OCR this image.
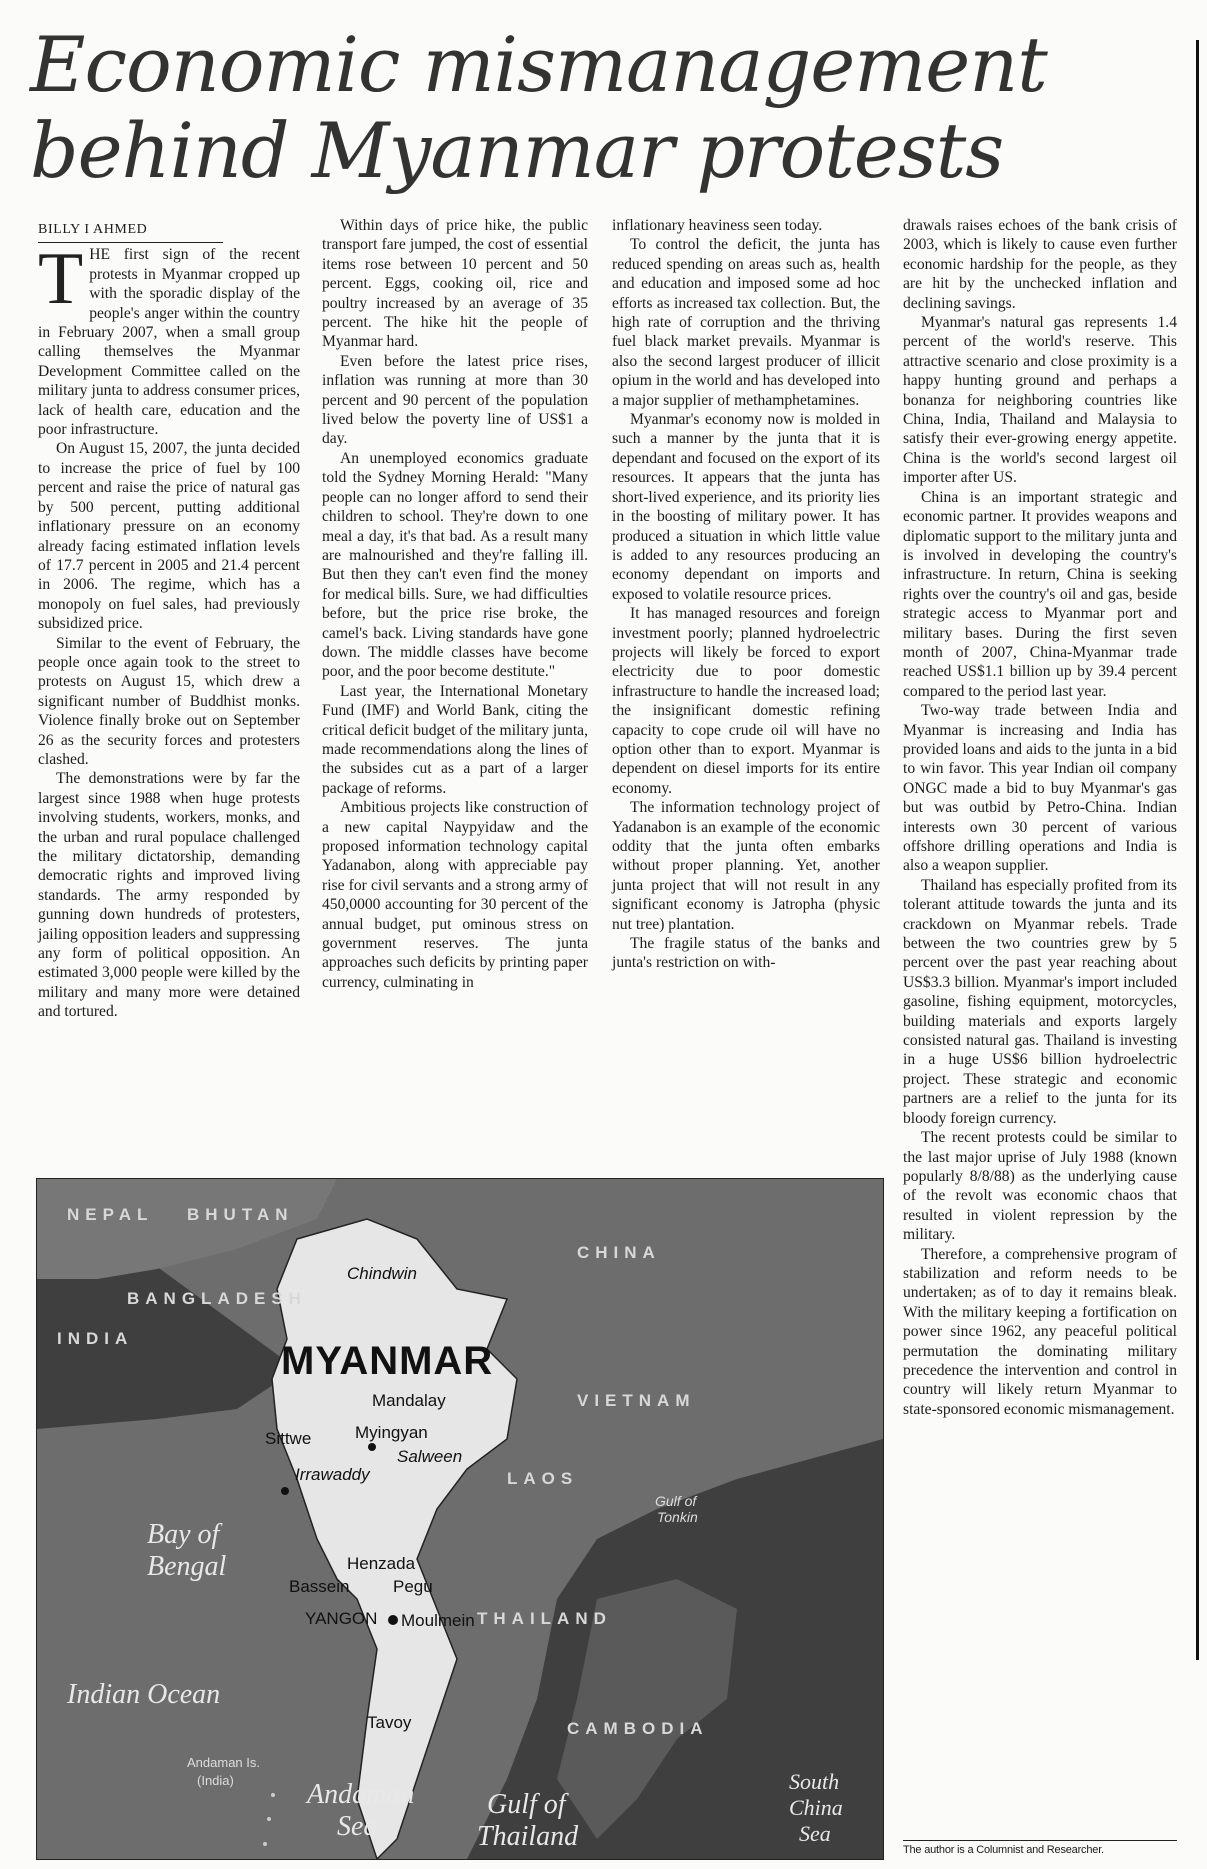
Economic mismanagement behind Myanmar protests
BILLY I AHMED

THE first sign of the recent protests in Myanmar cropped up with the sporadic display of the people's anger within the country in February 2007, when a small group calling themselves the Myanmar Development Committee called on the military junta to address consumer prices, lack of health care, education and the poor infrastructure.

On August 15, 2007, the junta decided to increase the price of fuel by 100 percent and raise the price of natural gas by 500 percent, putting additional inflationary pressure on an economy already facing estimated inflation levels of 17.7 percent in 2005 and 21.4 percent in 2006. The regime, which has a monopoly on fuel sales, had previously subsidized price.

Similar to the event of February, the people once again took to the street to protests on August 15, which drew a significant number of Buddhist monks. Violence finally broke out on September 26 as the security forces and protesters clashed.

The demonstrations were by far the largest since 1988 when huge protests involving students, workers, monks, and the urban and rural populace challenged the military dictatorship, demanding democratic rights and improved living standards. The army responded by gunning down hundreds of protesters, jailing opposition leaders and suppressing any form of political opposition. An estimated 3,000 people were killed by the military and many more were detained and tortured.

Within days of price hike, the public transport fare jumped, the cost of essential items rose between 10 percent and 50 percent. Eggs, cooking oil, rice and poultry increased by an average of 35 percent. The hike hit the people of Myanmar hard.

Even before the latest price rises, inflation was running at more than 30 percent and 90 percent of the population lived below the poverty line of US$1 a day.

An unemployed economics graduate told the Sydney Morning Herald: "Many people can no longer afford to send their children to school. They're down to one meal a day, it's that bad. As a result many are malnourished and they're falling ill. But then they can't even find the money for medical bills. Sure, we had difficulties before, but the price rise broke, the camel's back. Living standards have gone down. The middle classes have become poor, and the poor become destitute."

Last year, the International Monetary Fund (IMF) and World Bank, citing the critical deficit budget of the military junta, made recommendations along the lines of the subsides cut as a part of a larger package of reforms.

Ambitious projects like construction of a new capital Naypyidaw and the proposed information technology capital Yadanabon, along with appreciable pay rise for civil servants and a strong army of 450,0000 accounting for 30 percent of the annual budget, put ominous stress on government reserves. The junta approaches such deficits by printing paper currency, culminating in

inflationary heaviness seen today.

To control the deficit, the junta has reduced spending on areas such as, health and education and imposed some ad hoc efforts as increased tax collection. But, the high rate of corruption and the thriving fuel black market prevails. Myanmar is also the second largest producer of illicit opium in the world and has developed into a major supplier of methamphetamines.

Myanmar's economy now is molded in such a manner by the junta that it is dependant and focused on the export of its resources. It appears that the junta has short-lived experience, and its priority lies in the boosting of military power. It has produced a situation in which little value is added to any resources producing an economy dependant on imports and exposed to volatile resource prices.

It has managed resources and foreign investment poorly; planned hydroelectric projects will likely be forced to export electricity due to poor domestic infrastructure to handle the increased load; the insignificant domestic refining capacity to cope crude oil will have no option other than to export. Myanmar is dependent on diesel imports for its entire economy.

The information technology project of Yadanabon is an example of the economic oddity that the junta often embarks without proper planning. Yet, another junta project that will not result in any significant economy is Jatropha (physic nut tree) plantation.

The fragile status of the banks and junta's restriction on with-

drawals raises echoes of the bank crisis of 2003, which is likely to cause even further economic hardship for the people, as they are hit by the unchecked inflation and declining savings.

Myanmar's natural gas represents 1.4 percent of the world's reserve. This attractive scenario and close proximity is a happy hunting ground and perhaps a bonanza for neighboring countries like China, India, Thailand and Malaysia to satisfy their ever-growing energy appetite. China is the world's second largest oil importer after US.

China is an important strategic and economic partner. It provides weapons and diplomatic support to the military junta and is involved in developing the country's infrastructure. In return, China is seeking rights over the country's oil and gas, beside strategic access to Myanmar port and military bases. During the first seven month of 2007, China-Myanmar trade reached US$1.1 billion up by 39.4 percent compared to the period last year.

Two-way trade between India and Myanmar is increasing and India has provided loans and aids to the junta in a bid to win favor. This year Indian oil company ONGC made a bid to buy Myanmar's gas but was outbid by Petro-China. Indian interests own 30 percent of various offshore drilling operations and India is also a weapon supplier.

Thailand has especially profited from its tolerant attitude towards the junta and its crackdown on Myanmar rebels. Trade between the two countries grew by 5 percent over the past year reaching about US$3.3 billion. Myanmar's import included gasoline, fishing equipment, motorcycles, building materials and exports largely consisted natural gas. Thailand is investing in a huge US$6 billion hydroelectric project. These strategic and economic partners are a relief to the junta for its bloody foreign currency.

The recent protests could be similar to the last major uprise of July 1988 (known popularly 8/8/88) as the underlying cause of the revolt was economic chaos that resulted in violent repression by the military.

Therefore, a comprehensive program of stabilization and reform needs to be undertaken; as of to day it remains bleak. With the military keeping a fortification on power since 1962, any peaceful political permutation the dominating military precedence the intervention and control in country will likely return Myanmar to state-sponsored economic mismanagement.

NEPAL BHUTAN
BANGLADESH
INDIA
CHINA
VIETNAM
LAOS
THAILAND
CAMBODIA
MYANMAR
Chindwin
Mandalay
Myingyan
Sittwe
Salween
Irrawaddy
Henzada
Bassein	Pegu
YANGON Moulmein
Tavoy
Bay of
Bengal
Indian Ocean
Andaman Is.
(India)	Andaman
Sea
Gulf of
Thailand
Gulf of
Tonkin
South
China
Sea
The author is a Columnist and Researcher.
